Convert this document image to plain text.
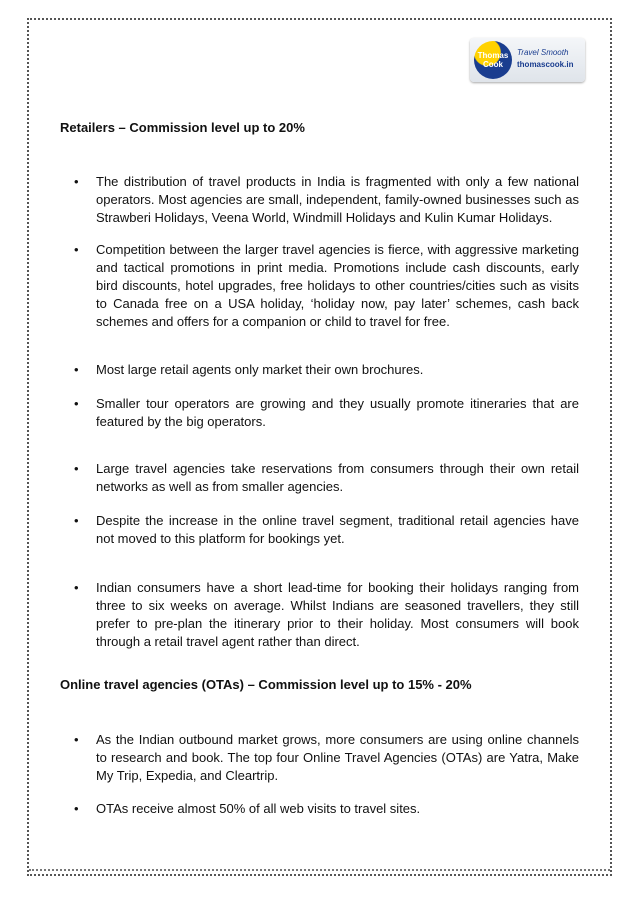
Thomas
Cook
Travel Smooth
thomascook.in
Retailers – Commission level up to 20%
• The distribution of travel products in India is fragmented with only a few national operators. Most agencies are small, independent, family-owned businesses such as Strawberi Holidays, Veena World, Windmill Holidays and Kulin Kumar Holidays.
• Competition between the larger travel agencies is fierce, with aggressive marketing and tactical promotions in print media. Promotions include cash discounts, early bird discounts, hotel upgrades, free holidays to other countries/cities such as visits to Canada free on a USA holiday, ‘holiday now, pay later’ schemes, cash back schemes and offers for a companion or child to travel for free.
• Most large retail agents only market their own brochures.
• Smaller tour operators are growing and they usually promote itineraries that are featured by the big operators.
• Large travel agencies take reservations from consumers through their own retail networks as well as from smaller agencies.
• Despite the increase in the online travel segment, traditional retail agencies have not moved to this platform for bookings yet.
• Indian consumers have a short lead-time for booking their holidays ranging from three to six weeks on average. Whilst Indians are seasoned travellers, they still prefer to pre-plan the itinerary prior to their holiday. Most consumers will book through a retail travel agent rather than direct.
Online travel agencies (OTAs) – Commission level up to 15% - 20%
• As the Indian outbound market grows, more consumers are using online channels to research and book. The top four Online Travel Agencies (OTAs) are Yatra, Make My Trip, Expedia, and Cleartrip.
• OTAs receive almost 50% of all web visits to travel sites.
